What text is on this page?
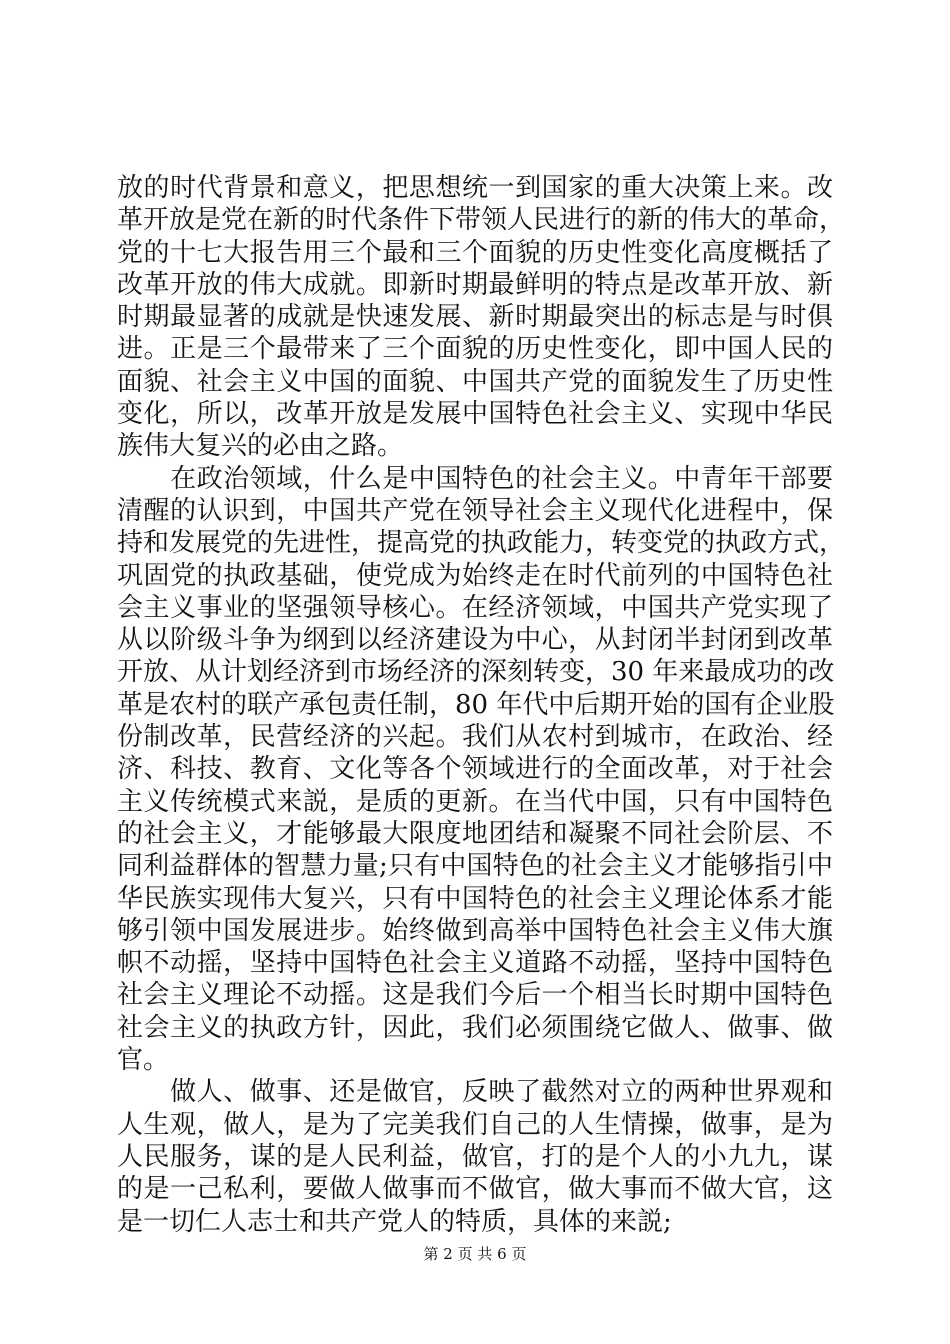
放的时代背景和意义，把思想统一到国家的重大决策上来。改
革开放是党在新的时代条件下带领人民进行的新的伟大的革命，
党的十七大报告用三个最和三个面貌的历史性变化高度概括了
改革开放的伟大成就。即新时期最鲜明的特点是改革开放、新
时期最显著的成就是快速发展、新时期最突出的标志是与时俱
进。正是三个最带来了三个面貌的历史性变化，即中国人民的
面貌、社会主义中国的面貌、中国共产党的面貌发生了历史性
变化，所以，改革开放是发展中国特色社会主义、实现中华民
族伟大复兴的必由之路。
　　在政治领域，什么是中国特色的社会主义。中青年干部要
清醒的认识到，中国共产党在领导社会主义现代化进程中，保
持和发展党的先进性，提高党的执政能力，转变党的执政方式，
巩固党的执政基础，使党成为始终走在时代前列的中国特色社
会主义事业的坚强领导核心。在经济领域，中国共产党实现了
从以阶级斗争为纲到以经济建设为中心，从封闭半封闭到改革
开放、从计划经济到市场经济的深刻转变，30 年来最成功的改
革是农村的联产承包责任制，80 年代中后期开始的国有企业股
份制改革，民营经济的兴起。我们从农村到城市，在政治、经
济、科技、教育、文化等各个领域进行的全面改革，对于社会
主义传统模式来説，是质的更新。在当代中国，只有中国特色
的社会主义，才能够最大限度地团结和凝聚不同社会阶层、不
同利益群体的智慧力量;只有中国特色的社会主义才能够指引中
华民族实现伟大复兴，只有中国特色的社会主义理论体系才能
够引领中国发展进步。始终做到高举中国特色社会主义伟大旗
帜不动摇，坚持中国特色社会主义道路不动摇，坚持中国特色
社会主义理论不动摇。这是我们今后一个相当长时期中国特色
社会主义的执政方针，因此，我们必须围绕它做人、做事、做
官。
　　做人、做事、还是做官，反映了截然对立的两种世界观和
人生观，做人，是为了完美我们自己的人生情操，做事，是为
人民服务，谋的是人民利益，做官，打的是个人的小九九，谋
的是一己私利，要做人做事而不做官，做大事而不做大官，这
是一切仁人志士和共产党人的特质，具体的来説;
第 2 页 共 6 页
